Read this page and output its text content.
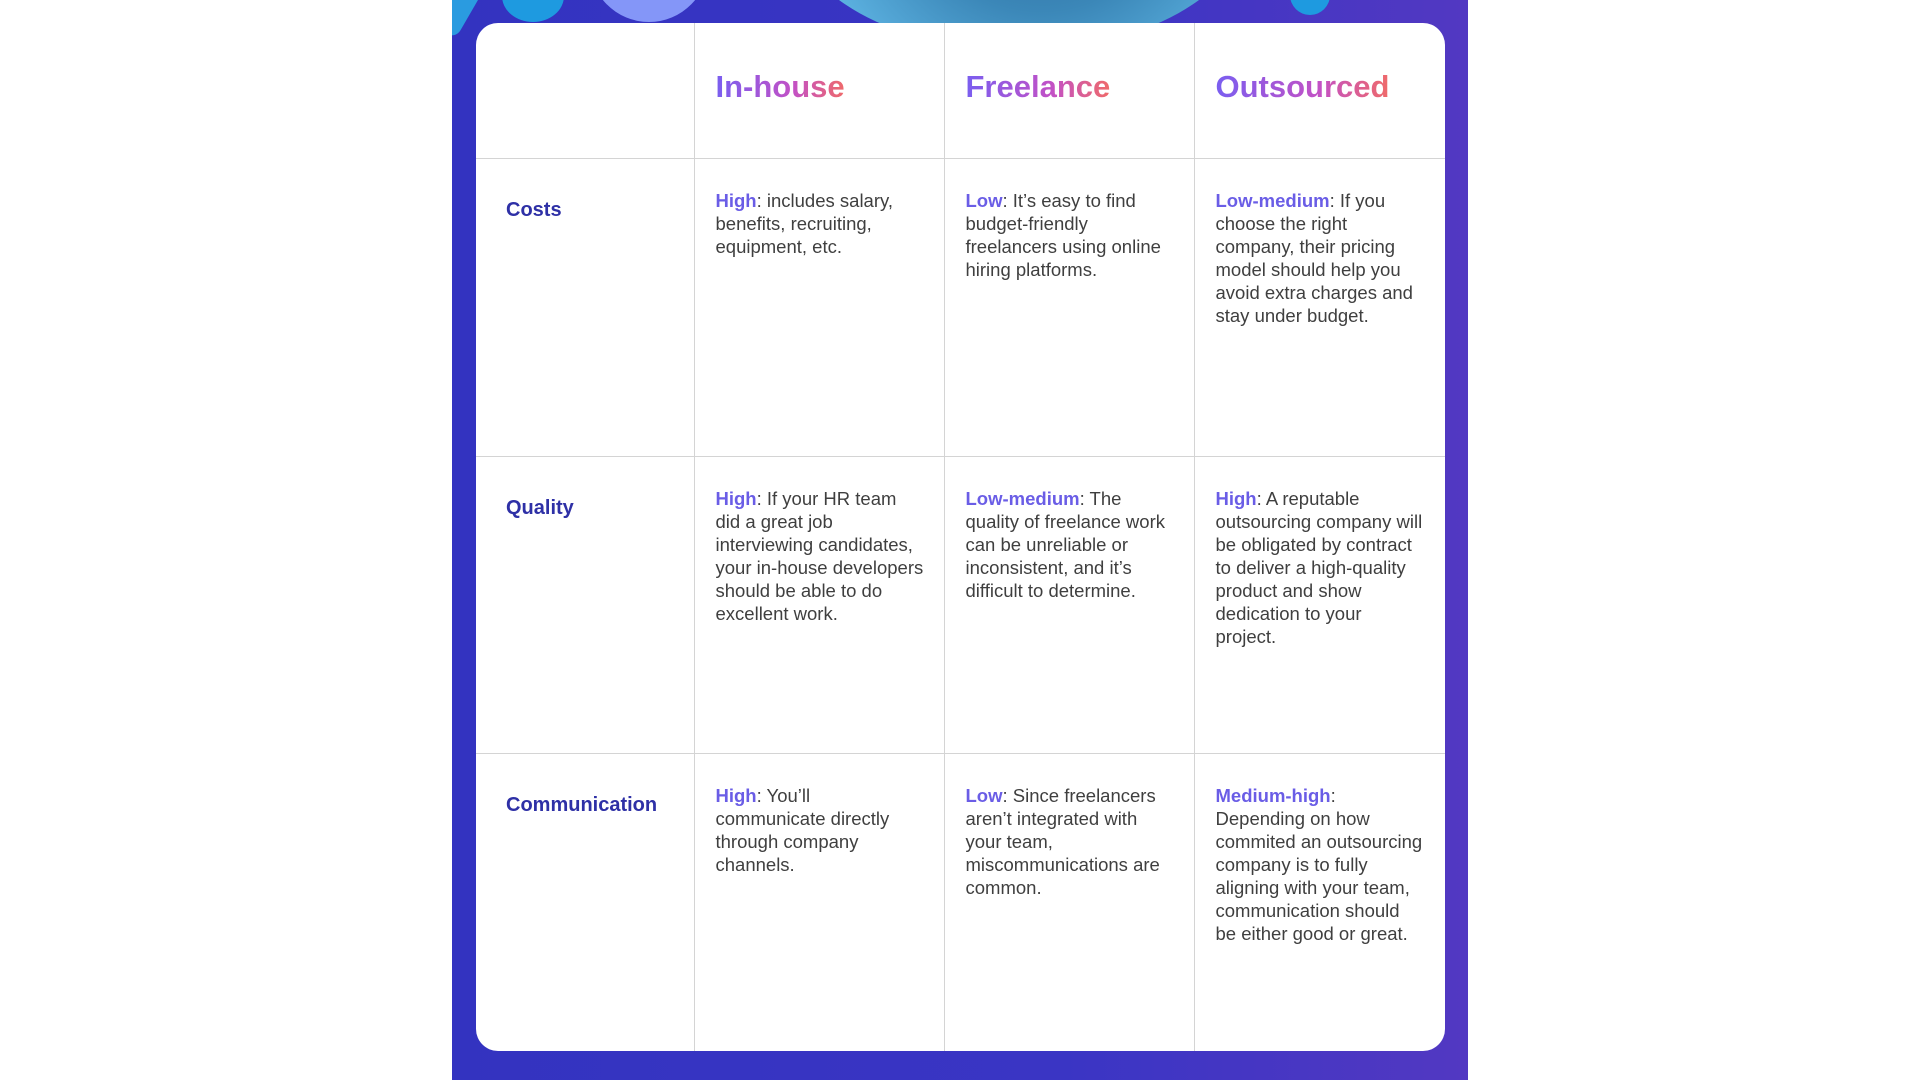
	In-house	Freelance	Outsourced
Costs	High: includes salary, benefits, recruiting, equipment, etc.	Low: It’s easy to find budget-friendly freelancers using online hiring platforms.	Low-medium: If you choose the right company, their pricing model should help you avoid extra charges and stay under budget.
Quality	High: If your HR team did a great job interviewing candidates, your in-house developers should be able to do excellent work.	Low-medium: The quality of freelance work can be unreliable or inconsistent, and it’s difficult to determine.	High: A reputable outsourcing company will be obligated by contract to deliver a high-quality product and show dedication to your project.
Communication	High: You’ll communicate directly through company channels.	Low: Since freelancers aren’t integrated with your team, miscommunications are common.	Medium-high: Depending on how commited an outsourcing company is to fully aligning with your team, communication should be either good or great.
